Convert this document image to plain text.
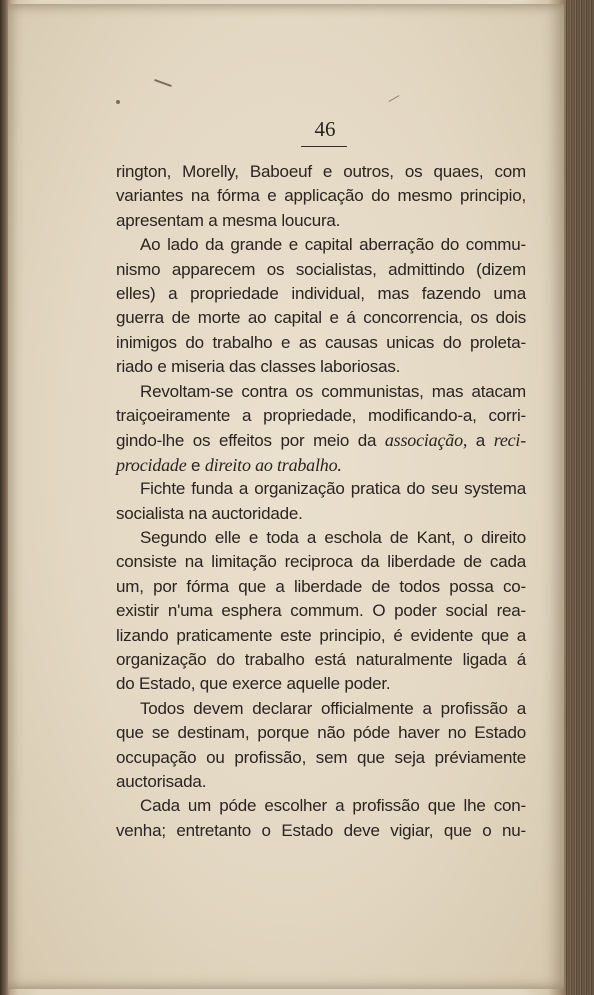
46
rington, Morelly, Baboeuf e outros, os quaes, com
variantes na fórma e applicação do mesmo principio,
apresentam a mesma loucura.
Ao lado da grande e capital aberração do commu-
nismo apparecem os socialistas, admittindo (dizem
elles) a propriedade individual, mas fazendo uma
guerra de morte ao capital e á concorrencia, os dois
inimigos do trabalho e as causas unicas do proleta-
riado e miseria das classes laboriosas.
Revoltam-se contra os communistas, mas atacam
traiçoeiramente a propriedade, modificando-a, corri-
gindo-lhe os effeitos por meio da associação, a reci-
procidade e direito ao trabalho.
Fichte funda a organização pratica do seu systema
socialista na auctoridade.
Segundo elle e toda a eschola de Kant, o direito
consiste na limitação reciproca da liberdade de cada
um, por fórma que a liberdade de todos possa co-
existir n'uma esphera commum. O poder social rea-
lizando praticamente este principio, é evidente que a
organização do trabalho está naturalmente ligada á
do Estado, que exerce aquelle poder.
Todos devem declarar officialmente a profissão a
que se destinam, porque não póde haver no Estado
occupação ou profissão, sem que seja préviamente
auctorisada.
Cada um póde escolher a profissão que lhe con-
venha; entretanto o Estado deve vigiar, que o nu-
